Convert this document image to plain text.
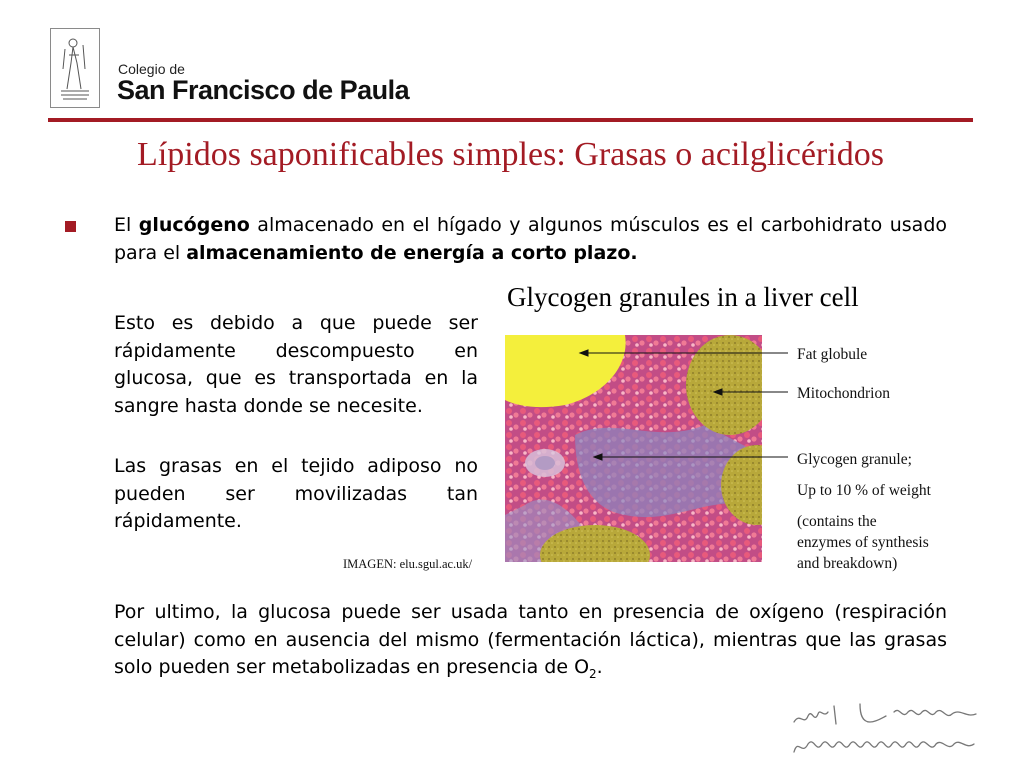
Colegio de
San Francisco de Paula
Lípidos saponificables simples: Grasas o acilglicéridos
El glucógeno almacenado en el hígado y algunos músculos es el carbohidrato usado para el almacenamiento de energía a corto plazo.
Esto es debido a que puede ser rápidamente descompuesto en glucosa, que es transportada en la sangre hasta donde se necesite.
Las grasas en el tejido adiposo no pueden ser movilizadas tan rápidamente.
Por ultimo, la glucosa puede ser usada tanto en presencia de oxígeno (respiración celular) como en ausencia del mismo (fermentación láctica), mientras que las grasas solo pueden ser metabolizadas en presencia de $O_2$.
Glycogen granules in a liver cell
Fat globule
Mitochondrion
Glycogen granule;
Up to 10 % of weight
(contains the
enzymes of synthesis
and breakdown)
IMAGEN: elu.sgul.ac.uk/
